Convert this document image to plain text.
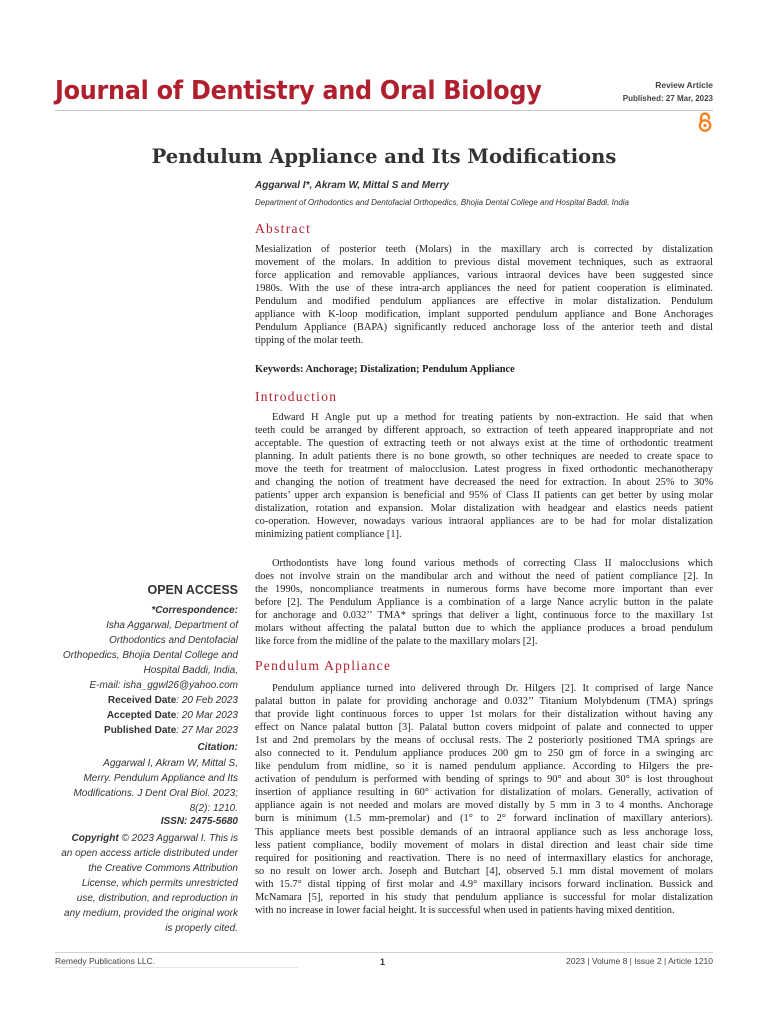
Journal of Dentistry and Oral Biology	Review Article
Published: 27 Mar, 2023
Pendulum Appliance and Its Modifications
Aggarwal I*, Akram W, Mittal S and Merry
Department of Orthodontics and Dentofacial Orthopedics, Bhojia Dental College and Hospital Baddi, India
Abstract
Mesialization of posterior teeth (Molars) in the maxillary arch is corrected by distalization
movement of the molars. In addition to previous distal movement techniques, such as extraoral
force application and removable appliances, various intraoral devices have been suggested since
1980s. With the use of these intra-arch appliances the need for patient cooperation is eliminated.
Pendulum and modified pendulum appliances are effective in molar distalization. Pendulum
appliance with K-loop modification, implant supported pendulum appliance and Bone Anchorages
Pendulum Appliance (BAPA) significantly reduced anchorage loss of the anterior teeth and distal
tipping of the molar teeth.
Keywords: Anchorage; Distalization; Pendulum Appliance
Introduction
Edward H Angle put up a method for treating patients by non-extraction. He said that when
teeth could be arranged by different approach, so extraction of teeth appeared inappropriate and not
acceptable. The question of extracting teeth or not always exist at the time of orthodontic treatment
planning. In adult patients there is no bone growth, so other techniques are needed to create space to
move the teeth for treatment of malocclusion. Latest progress in fixed orthodontic mechanotherapy
and changing the notion of treatment have decreased the need for extraction. In about 25% to 30%
patients’ upper arch expansion is beneficial and 95% of Class II patients can get better by using molar
distalization, rotation and expansion. Molar distalization with headgear and elastics needs patient
co-operation. However, nowadays various intraoral appliances are to be had for molar distalization
minimizing patient compliance [1].
Orthodontists have long found various methods of correcting Class II malocclusions which
does not involve strain on the mandibular arch and without the need of patient compliance [2]. In
the 1990s, noncompliance treatments in numerous forms have become more important than ever
before [2]. The Pendulum Appliance is a combination of a large Nance acrylic button in the palate
for anchorage and 0.032’’ TMA* springs that deliver a light, continuous force to the maxillary 1st
molars without affecting the palatal button due to which the appliance produces a broad pendulum
like force from the midline of the palate to the maxillary molars [2].
Pendulum Appliance
Pendulum appliance turned into delivered through Dr. Hilgers [2]. It comprised of large Nance
palatal button in palate for providing anchorage and 0.032’’ Titanium Molybdenum (TMA) springs
that provide light continuous forces to upper 1st molars for their distalization without having any
effect on Nance palatal button [3]. Palatal button covers midpoint of palate and connected to upper
1st and 2nd premolars by the means of occlusal rests. The 2 posteriorly positioned TMA springs are
also connected to it. Pendulum appliance produces 200 gm to 250 gm of force in a swinging arc
like pendulum from midline, so it is named pendulum appliance. According to Hilgers the pre-
activation of pendulum is performed with bending of springs to 90° and about 30° is lost throughout
insertion of appliance resulting in 60° activation for distalization of molars. Generally, activation of
appliance again is not needed and molars are moved distally by 5 mm in 3 to 4 months. Anchorage
burn is minimum (1.5 mm-premolar) and (1° to 2° forward inclination of maxillary anteriors).
This appliance meets best possible demands of an intraoral appliance such as less anchorage loss,
less patient compliance, bodily movement of molars in distal direction and least chair side time
required for positioning and reactivation. There is no need of intermaxillary elastics for anchorage,
so no result on lower arch. Joseph and Butchart [4], observed 5.1 mm distal movement of molars
with 15.7° distal tipping of first molar and 4.9° maxillary incisors forward inclination. Bussick and
McNamara [5], reported in his study that pendulum appliance is successful for molar distalization
with no increase in lower facial height. It is successful when used in patients having mixed dentition.
OPEN ACCESS
*Correspondence:
Isha Aggarwal, Department of
Orthodontics and Dentofacial
Orthopedics, Bhojia Dental College and
Hospital Baddi, India,
E-mail: isha_ggwl26@yahoo.com
Received Date: 20 Feb 2023
Accepted Date: 20 Mar 2023
Published Date: 27 Mar 2023
Citation:
Aggarwal I, Akram W, Mittal S,
Merry. Pendulum Appliance and Its
Modifications. J Dent Oral Biol. 2023;
8(2): 1210.
ISSN: 2475-5680
Copyright © 2023 Aggarwal I. This is
an open access article distributed under
the Creative Commons Attribution
License, which permits unrestricted
use, distribution, and reproduction in
any medium, provided the original work
is properly cited.
Remedy Publications LLC.	1	2023 | Volume 8 | Issue 2 | Article 1210
